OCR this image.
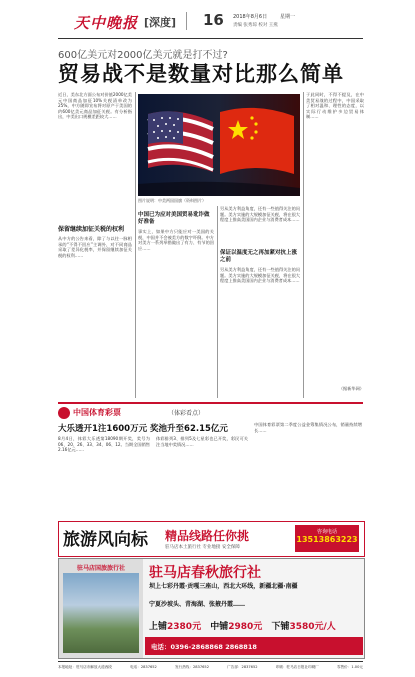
天中晚报 [深度] 16 2018年8月6日	星期一
责编 张秀琼 校对 王燕
600亿美元对2000亿美元就是打不过?
贸易战不是数量对比那么简单
近日，美东北方面公布对价值2000亿美元中国商品加征10%关税清单改为25%，中方随即宣布将对原产于美国的约600亿美元商品加征关税。有分析指出，中美出口规模差距较大……
保留继续加征关税的权利
从中方的公告来看，除了与以往一脉相承的“不得不回应”主调外，对不同商品采取了差异化税率，并保留继续加征关税的权利……
图片说明：中美两国国旗（资料图片）
中国已为应对美国贸易讹诈做好准备
事实上，如果中方只能应对一美国的关税，中国并不会被美方的数字吓倒。中方对美方一系列举措做出了有力、有节的回应……
另从美方利益角度，还有一些值得关注的问题。美方实施的大规模加征关税，将在很大程度上推高美国国内企业与消费者成本……
保证以温度无之再加紧对抗上涨之前
另从美方利益角度，还有一些值得关注的问题。美方实施的大规模加征关税，将在很大程度上推高美国国内企业与消费者成本……
于此同时，不得不提及，在中美贸易战的过程中，中国采取了相对温和、理性的态度，以实际行动维护多边贸易体制……
（据新华网）
中国体育彩票	（体彩看点）
大乐透开1注1600万元 奖池升至62.15亿元
8月4日，体彩大乐透第18090期开奖，奖号为06、20、26、33、34、06、12。当期全国销售2.16亿元……
体彩排列3、排列5及七星彩也已开奖，彩民可关注当地中奖情况……
中国体育彩票第二季度公益金筹集情况公布，销量持续增长……
旅游风向标 精品线路任你挑
驻马店本土旅行社 专业地接 安全保障
咨询电话
13513863223
驻马店国旅旅行社	驻马店春秋旅行社
坝上七彩丹霞·贡嘎三座山，西北大环线，新疆北疆·南疆
宁夏沙坡头、青海湖、张掖丹霞……
上铺2380元 中铺2980元 下铺3580元/人
电话：0396-2868868 2868818
本报地址：驻马店市解放大道西段	电话：2837652	发行热线：2837652	广告部：2837652	印刷：驻马店日报社印刷厂	零售价：1.00元
